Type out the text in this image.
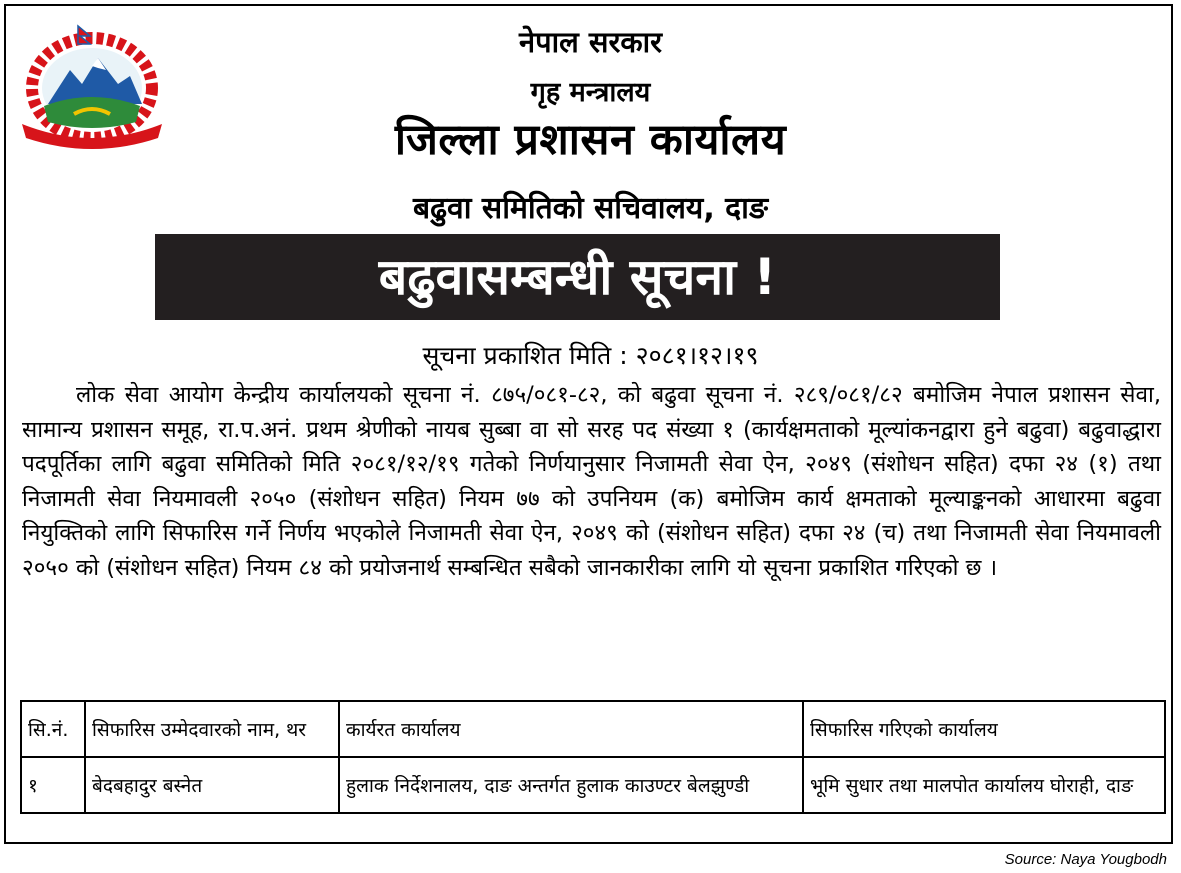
नेपाल सरकार
गृह मन्त्रालय
जिल्ला प्रशासन कार्यालय
बढुवा समितिको सचिवालय, दाङ
बढुवासम्बन्धी सूचना !
सूचना प्रकाशित मिति : २०८१।१२।१९

लोक सेवा आयोग केन्द्रीय कार्यालयको सूचना नं. ८७५/०८१-८२, को बढुवा सूचना नं. २८९/०८१/८२ बमोजिम नेपाल प्रशासन सेवा, सामान्य प्रशासन समूह, रा.प.अनं. प्रथम श्रेणीको नायब सुब्बा वा सो सरह पद संख्या १ (कार्यक्षमताको मूल्यांकनद्वारा हुने बढुवा) बढुवाद्धारा पदपूर्तिका लागि बढुवा समितिको मिति २०८१/१२/१९ गतेको निर्णयानुसार निजामती सेवा ऐन, २०४९ (संशोधन सहित) दफा २४ (१) तथा निजामती सेवा नियमावली २०५० (संशोधन सहित) नियम ७७ को उपनियम (क) बमोजिम कार्य क्षमताको मूल्याङ्कनको आधारमा बढुवा नियुक्तिको लागि सिफारिस गर्ने निर्णय भएकोले निजामती सेवा ऐन, २०४९ को (संशोधन सहित) दफा २४ (च) तथा निजामती सेवा नियमावली २०५० को (संशोधन सहित) नियम ८४ को प्रयोजनार्थ सम्बन्धित सबैको जानकारीका लागि यो सूचना प्रकाशित गरिएको छ ।

सि.नं.	सिफारिस उम्मेदवारको नाम, थर	कार्यरत कार्यालय	सिफारिस गरिएको कार्यालय
१	बेदबहादुर बस्नेत	हुलाक निर्देशनालय, दाङ अन्तर्गत हुलाक काउण्टर बेलझुण्डी	भूमि सुधार तथा मालपोत कार्यालय घोराही, दाङ
Source: Naya Yougbodh
